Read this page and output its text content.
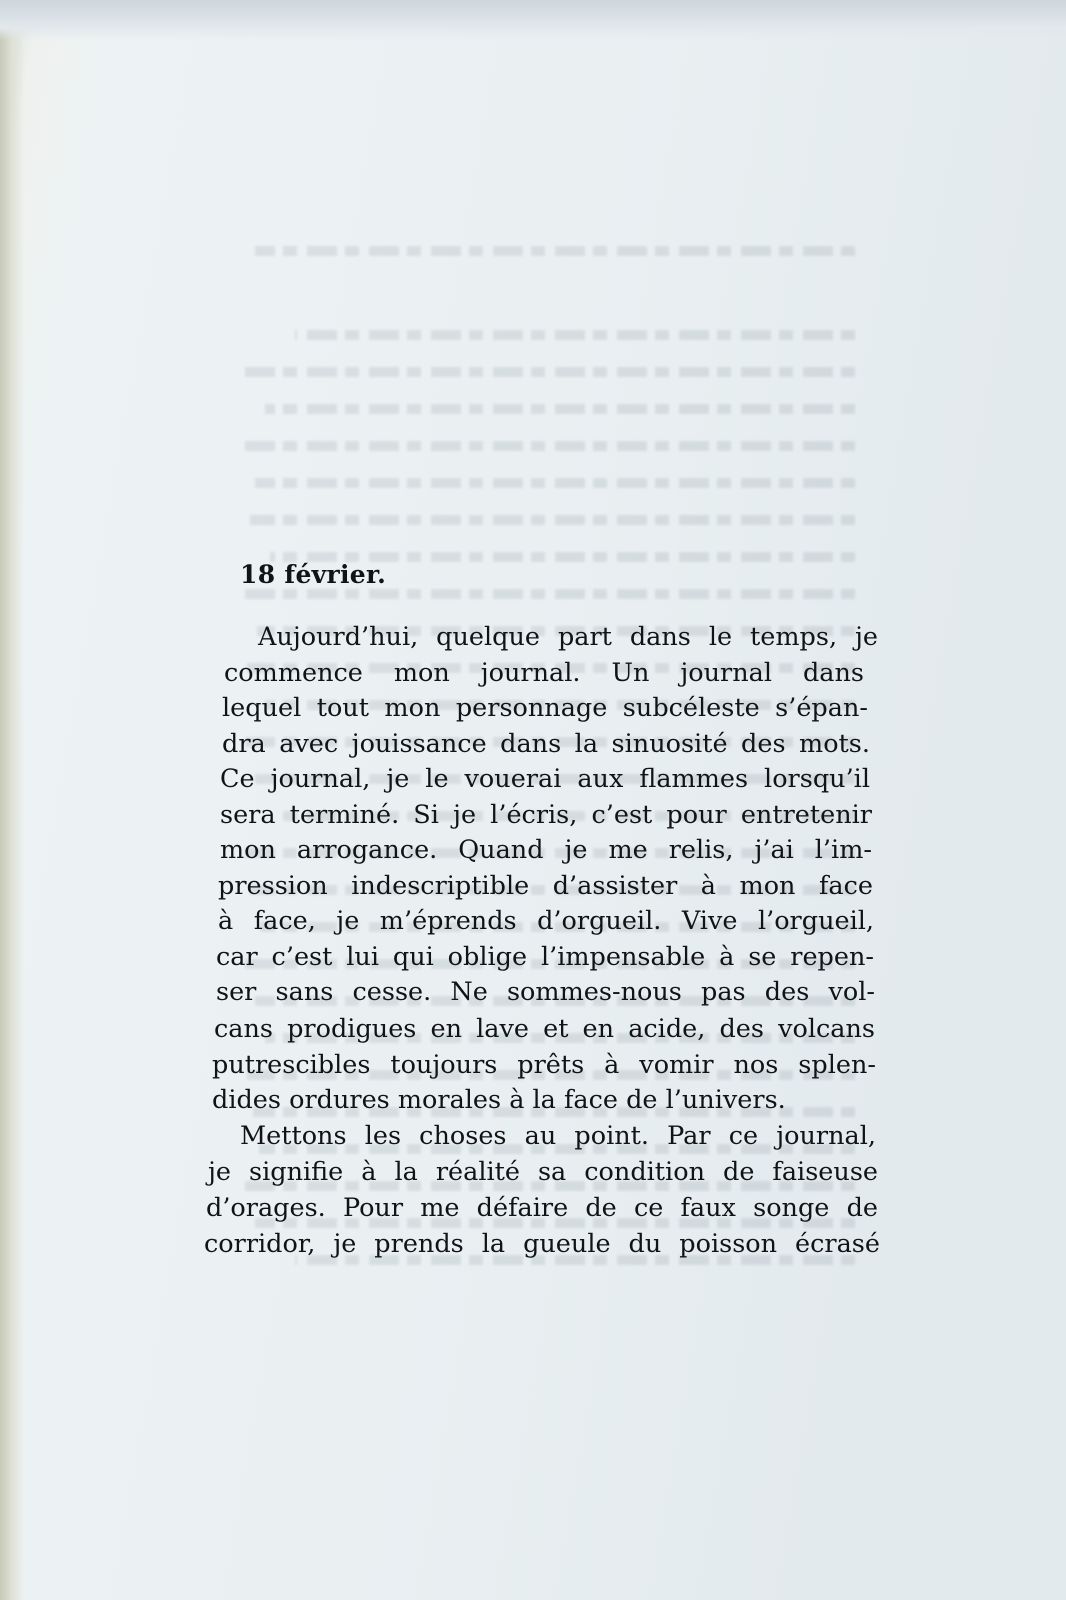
18 février.
Aujourd’hui, quelque part dans le temps, je
commence mon journal. Un journal dans
lequel tout mon personnage subcéleste s’épan-
dra avec jouissance dans la sinuosité des mots.
Ce journal, je le vouerai aux flammes lorsqu’il
sera terminé. Si je l’écris, c’est pour entretenir
mon arrogance. Quand je me relis, j’ai l’im-
pression indescriptible d’assister à mon face
à face, je m’éprends d’orgueil. Vive l’orgueil,
car c’est lui qui oblige l’impensable à se repen-
ser sans cesse. Ne sommes-nous pas des vol-
cans prodigues en lave et en acide, des volcans
putrescibles toujours prêts à vomir nos splen-
dides ordures morales à la face de l’univers.
Mettons les choses au point. Par ce journal,
je signifie à la réalité sa condition de faiseuse
d’orages. Pour me défaire de ce faux songe de
corridor, je prends la gueule du poisson écrasé
